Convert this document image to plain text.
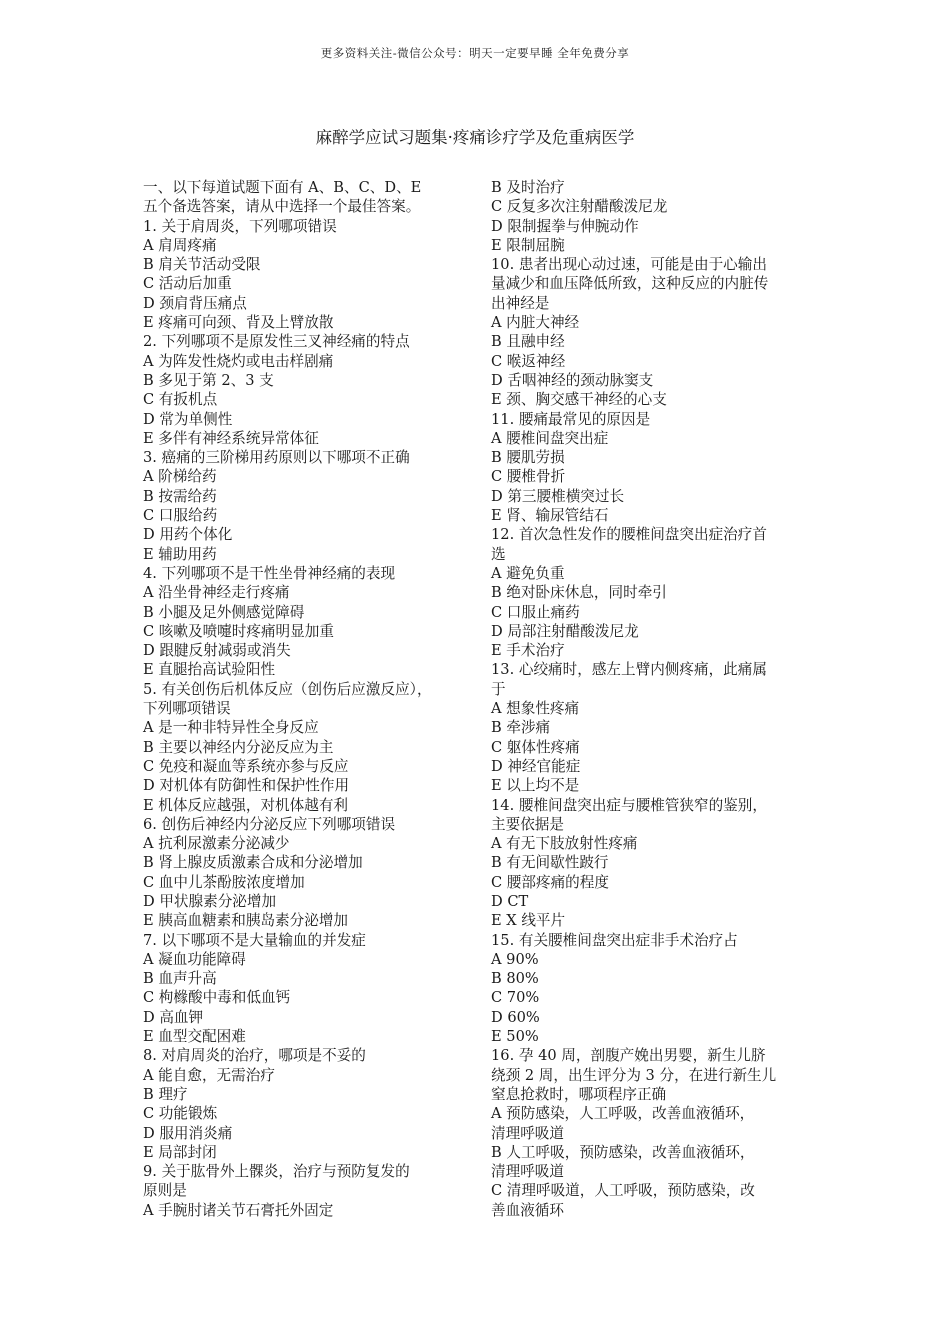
更多资料关注-微信公众号：明天一定要早睡 全年免费分享
麻醉学应试习题集·疼痛诊疗学及危重病医学
一、以下每道试题下面有 A、B、C、D、E
五个备选答案，请从中选择一个最佳答案。
1. 关于肩周炎，下列哪项错误
A 肩周疼痛
B 肩关节活动受限
C 活动后加重
D 颈肩背压痛点
E 疼痛可向颈、背及上臂放散
2. 下列哪项不是原发性三叉神经痛的特点
A 为阵发性烧灼或电击样剧痛
B 多见于第 2、3 支
C 有扳机点
D 常为单侧性
E 多伴有神经系统异常体征
3. 癌痛的三阶梯用药原则以下哪项不正确
A 阶梯给药
B 按需给药
C 口服给药
D 用药个体化
E 辅助用药
4. 下列哪项不是干性坐骨神经痛的表现
A 沿坐骨神经走行疼痛
B 小腿及足外侧感觉障碍
C 咳嗽及喷嚏时疼痛明显加重
D 跟腱反射减弱或消失
E 直腿抬高试验阳性
5. 有关创伤后机体反应（创伤后应激反应），
下列哪项错误
A 是一种非特异性全身反应
B 主要以神经内分泌反应为主
C 免疫和凝血等系统亦参与反应
D 对机体有防御性和保护性作用
E 机体反应越强，对机体越有利
6. 创伤后神经内分泌反应下列哪项错误
A 抗利尿激素分泌减少
B 肾上腺皮质激素合成和分泌增加
C 血中儿茶酚胺浓度增加
D 甲状腺素分泌增加
E 胰高血糖素和胰岛素分泌增加
7. 以下哪项不是大量输血的并发症
A 凝血功能障碍
B 血声升高
C 枸橼酸中毒和低血钙
D 高血钾
E 血型交配困难
8. 对肩周炎的治疗，哪项是不妥的
A 能自愈，无需治疗
B 理疗
C 功能锻炼
D 服用消炎痛
E 局部封闭
9. 关于肱骨外上髁炎，治疗与预防复发的
原则是
A 手腕肘诸关节石膏托外固定
B 及时治疗
C 反复多次注射醋酸泼尼龙
D 限制握拳与伸腕动作
E 限制屈腕
10. 患者出现心动过速，可能是由于心输出
量减少和血压降低所致，这种反应的内脏传
出神经是
A 内脏大神经
B 且融申经
C 喉返神经
D 舌咽神经的颈动脉窦支
E 颈、胸交感干神经的心支
11. 腰痛最常见的原因是
A 腰椎间盘突出症
B 腰肌劳损
C 腰椎骨折
D 第三腰椎横突过长
E 肾、输尿管结石
12. 首次急性发作的腰椎间盘突出症治疗首
选
A 避免负重
B 绝对卧床休息，同时牵引
C 口服止痛药
D 局部注射醋酸泼尼龙
E 手术治疗
13. 心绞痛时，感左上臂内侧疼痛，此痛属
于
A 想象性疼痛
B 牵涉痛
C 躯体性疼痛
D 神经官能症
E 以上均不是
14. 腰椎间盘突出症与腰椎管狭窄的鉴别，
主要依据是
A 有无下肢放射性疼痛
B 有无间歇性跛行
C 腰部疼痛的程度
D CT
E X 线平片
15. 有关腰椎间盘突出症非手术治疗占
A 90%
B 80%
C 70%
D 60%
E 50%
16. 孕 40 周，剖腹产娩出男婴，新生儿脐
绕颈 2 周，出生评分为 3 分，在进行新生儿
窒息抢救时，哪项程序正确
A 预防感染，人工呼吸，改善血液循环，
清理呼吸道
B 人工呼吸，预防感染，改善血液循环，
清理呼吸道
C 清理呼吸道，人工呼吸，预防感染，改
善血液循环
